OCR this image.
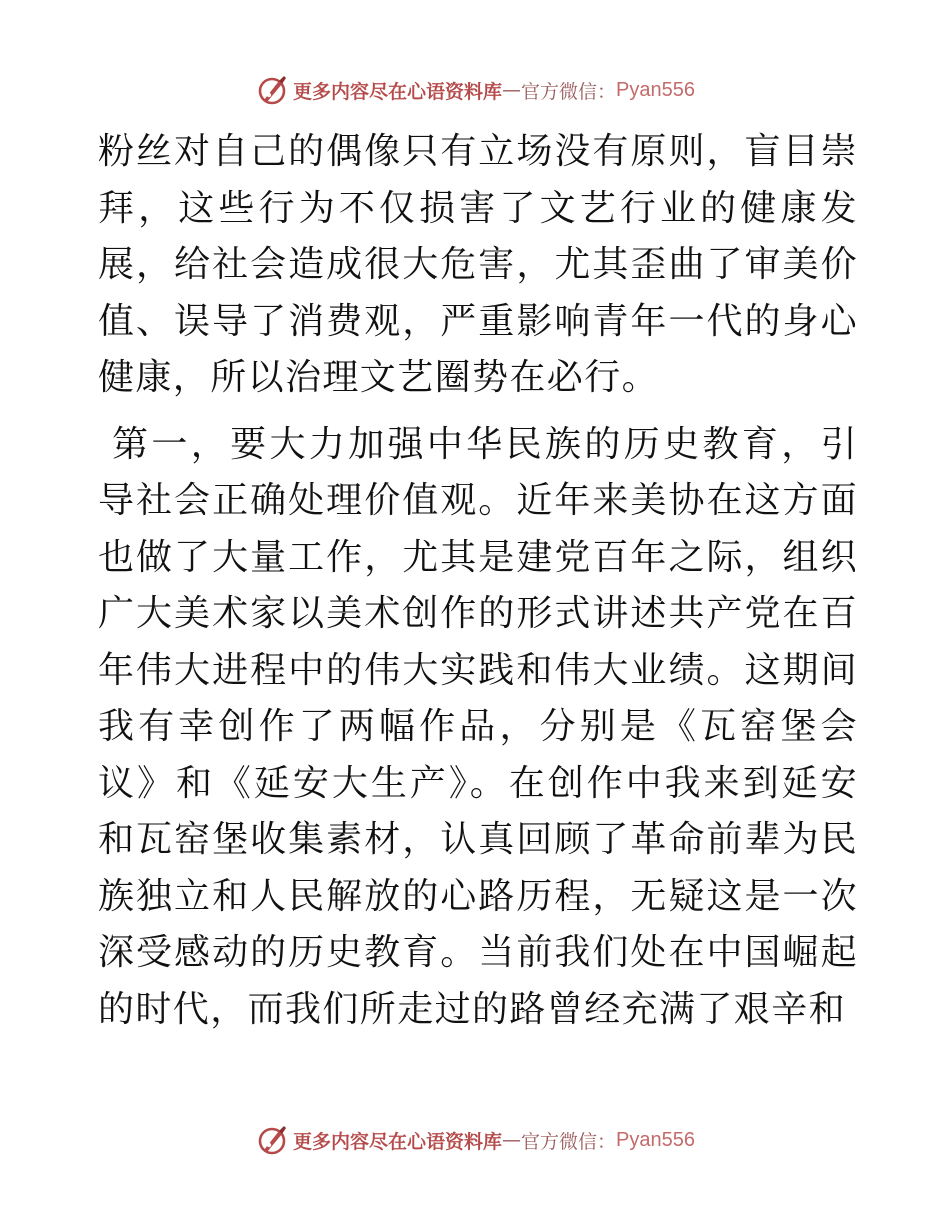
更多内容尽在心语资料库 — 官方微信： Pyan556

粉丝对自己的偶像只有立场没有原则，盲目崇拜，这些行为不仅损害了文艺行业的健康发展，给社会造成很大危害，尤其歪曲了审美价值、误导了消费观，严重影响青年一代的身心健康，所以治理文艺圈势在必行。

第一，要大力加强中华民族的历史教育，引导社会正确处理价值观。近年来美协在这方面也做了大量工作，尤其是建党百年之际，组织广大美术家以美术创作的形式讲述共产党在百年伟大进程中的伟大实践和伟大业绩。这期间我有幸创作了两幅作品，分别是《瓦窑堡会议》和《延安大生产》。在创作中我来到延安和瓦窑堡收集素材，认真回顾了革命前辈为民族独立和人民解放的心路历程，无疑这是一次深受感动的历史教育。当前我们处在中国崛起的时代，而我们所走过的路曾经充满了艰辛和

更多内容尽在心语资料库 — 官方微信： Pyan556
